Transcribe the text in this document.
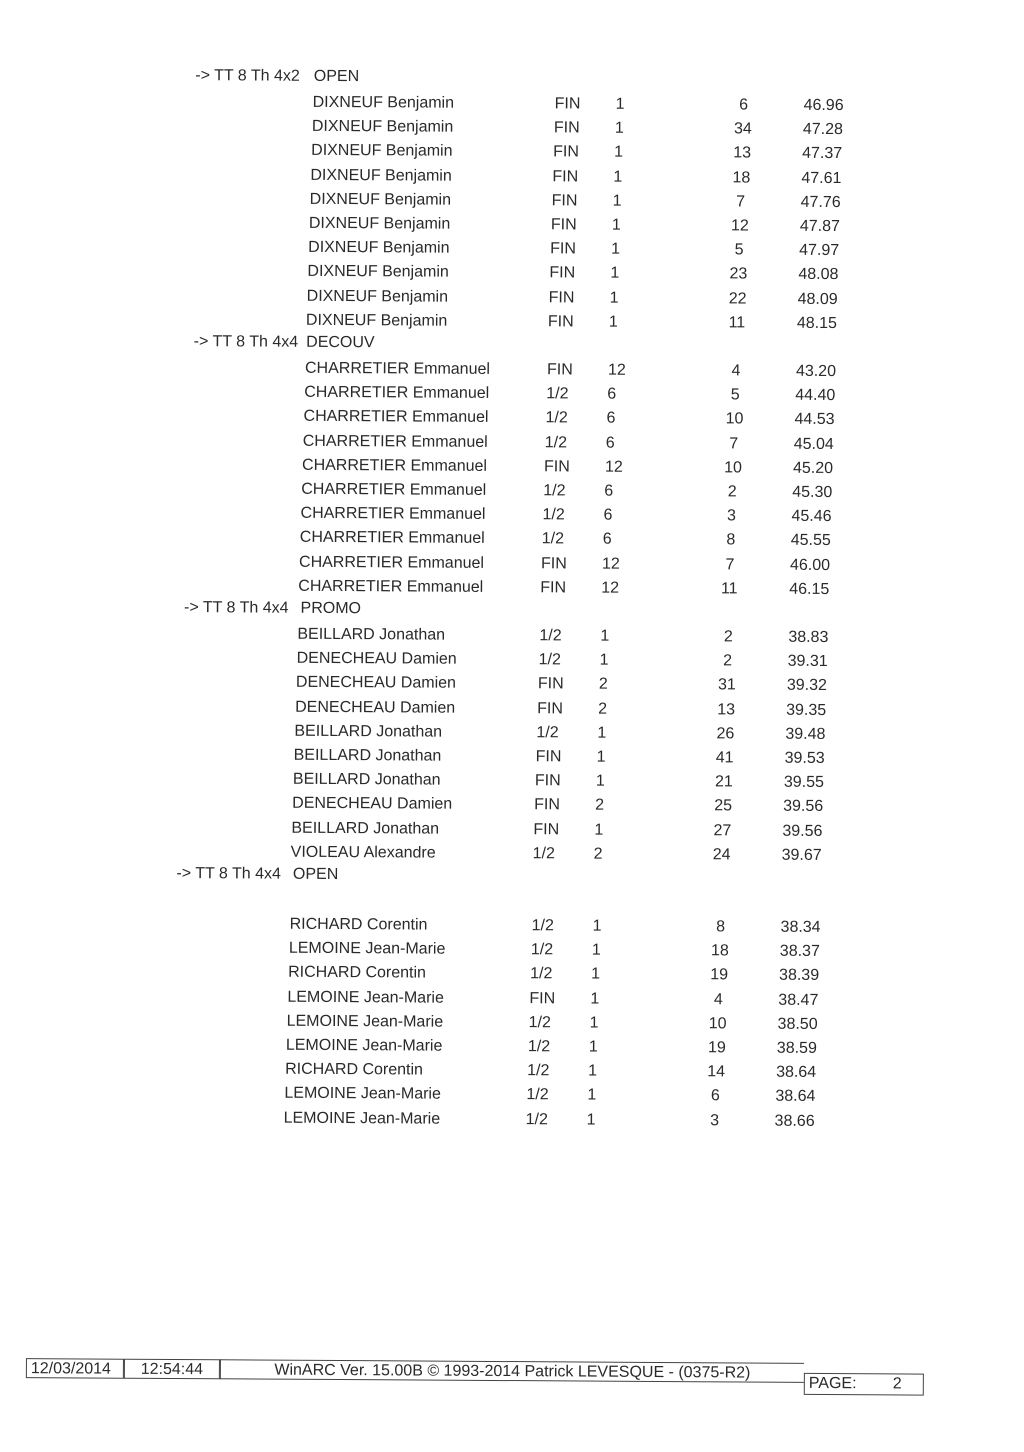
-> TT 8 Th 4x2 OPEN
DIXNEUF Benjamin	FIN 1	6	46.96
DIXNEUF Benjamin	FIN 1	34	47.28
DIXNEUF Benjamin	FIN 1	13	47.37
DIXNEUF Benjamin	FIN 1	18	47.61
DIXNEUF Benjamin	FIN 1	7	47.76
DIXNEUF Benjamin	FIN 1	12	47.87
DIXNEUF Benjamin	FIN 1	5	47.97
DIXNEUF Benjamin	FIN 1	23	48.08
DIXNEUF Benjamin	FIN 1	22	48.09
DIXNEUF Benjamin	FIN 1	11	48.15
-> TT 8 Th 4x4 DECOUV
CHARRETIER Emmanuel	FIN 12	4	43.20
CHARRETIER Emmanuel	1/2 6	5	44.40
CHARRETIER Emmanuel	1/2 6	10	44.53
CHARRETIER Emmanuel	1/2 6	7	45.04
CHARRETIER Emmanuel	FIN 12	10	45.20
CHARRETIER Emmanuel	1/2 6	2	45.30
CHARRETIER Emmanuel	1/2 6	3	45.46
CHARRETIER Emmanuel	1/2 6	8	45.55
CHARRETIER Emmanuel	FIN 12	7	46.00
CHARRETIER Emmanuel	FIN 12	11	46.15
-> TT 8 Th 4x4 PROMO
BEILLARD Jonathan	1/2 1	2	38.83
DENECHEAU Damien	1/2 1	2	39.31
DENECHEAU Damien	FIN 2	31	39.32
DENECHEAU Damien	FIN 2	13	39.35
BEILLARD Jonathan	1/2 1	26	39.48
BEILLARD Jonathan	FIN 1	41	39.53
BEILLARD Jonathan	FIN 1	21	39.55
DENECHEAU Damien	FIN 2	25	39.56
BEILLARD Jonathan	FIN 1	27	39.56
VIOLEAU Alexandre	1/2 2	24	39.67
-> TT 8 Th 4x4 OPEN
RICHARD Corentin	1/2 1	8	38.34
LEMOINE Jean-Marie	1/2 1	18	38.37
RICHARD Corentin	1/2 1	19	38.39
LEMOINE Jean-Marie	FIN 1	4	38.47
LEMOINE Jean-Marie	1/2 1	10	38.50
LEMOINE Jean-Marie	1/2 1	19	38.59
RICHARD Corentin	1/2 1	14	38.64
LEMOINE Jean-Marie	1/2 1	6	38.64
LEMOINE Jean-Marie	1/2 1	3	38.66
12/03/2014	12:54:44	WinARC Ver. 15.00B © 1993-2014 Patrick LEVESQUE - (0375-R2)
PAGE: 2
